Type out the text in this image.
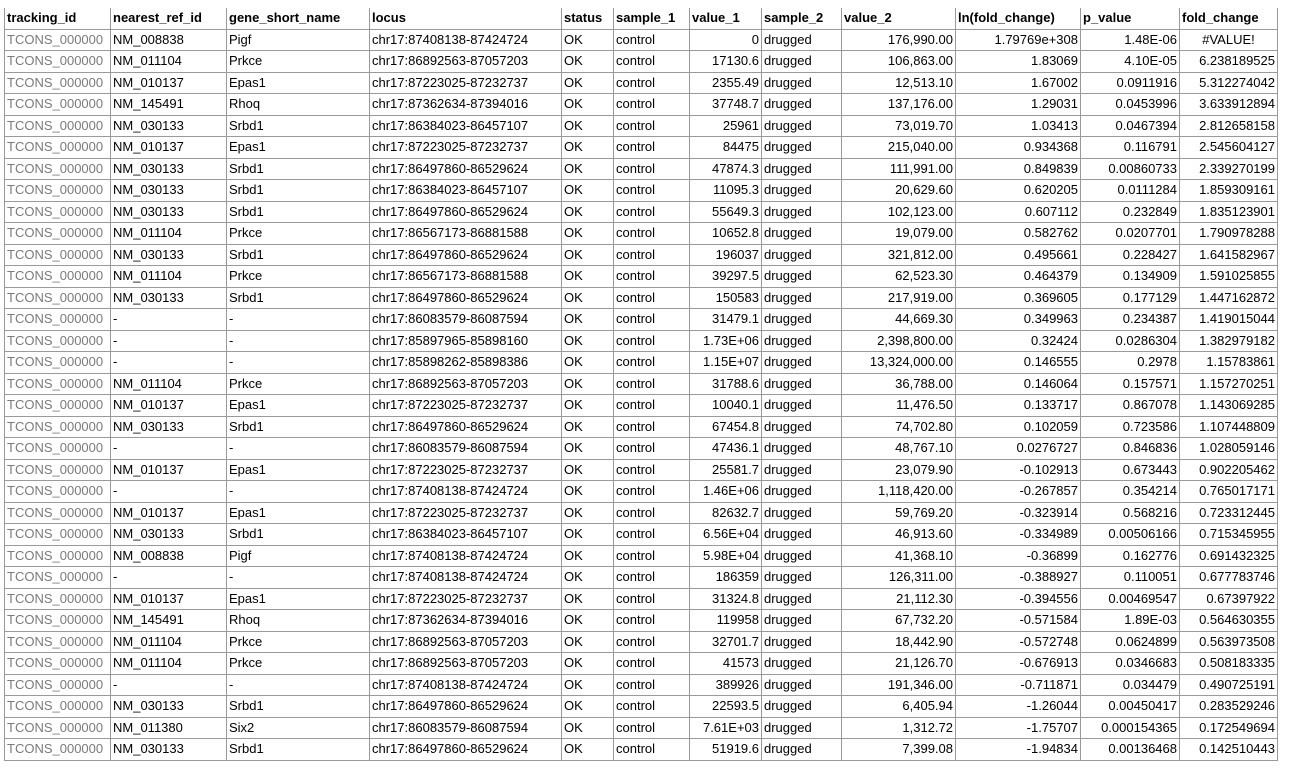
tracking_id	nearest_ref_id	gene_short_name	locus	status	sample_1	value_1	sample_2	value_2	ln(fold_change)	p_value	fold_change
TCONS_000000	NM_008838	Pigf	chr17:87408138-87424724	OK	control	0	drugged	176,990.00	1.79769e+308	1.48E-06	#VALUE!
TCONS_000000	NM_011104	Prkce	chr17:86892563-87057203	OK	control	17130.6	drugged	106,863.00	1.83069	4.10E-05	6.238189525
TCONS_000000	NM_010137	Epas1	chr17:87223025-87232737	OK	control	2355.49	drugged	12,513.10	1.67002	0.0911916	5.312274042
TCONS_000000	NM_145491	Rhoq	chr17:87362634-87394016	OK	control	37748.7	drugged	137,176.00	1.29031	0.0453996	3.633912894
TCONS_000000	NM_030133	Srbd1	chr17:86384023-86457107	OK	control	25961	drugged	73,019.70	1.03413	0.0467394	2.812658158
TCONS_000000	NM_010137	Epas1	chr17:87223025-87232737	OK	control	84475	drugged	215,040.00	0.934368	0.116791	2.545604127
TCONS_000000	NM_030133	Srbd1	chr17:86497860-86529624	OK	control	47874.3	drugged	111,991.00	0.849839	0.00860733	2.339270199
TCONS_000000	NM_030133	Srbd1	chr17:86384023-86457107	OK	control	11095.3	drugged	20,629.60	0.620205	0.0111284	1.859309161
TCONS_000000	NM_030133	Srbd1	chr17:86497860-86529624	OK	control	55649.3	drugged	102,123.00	0.607112	0.232849	1.835123901
TCONS_000000	NM_011104	Prkce	chr17:86567173-86881588	OK	control	10652.8	drugged	19,079.00	0.582762	0.0207701	1.790978288
TCONS_000000	NM_030133	Srbd1	chr17:86497860-86529624	OK	control	196037	drugged	321,812.00	0.495661	0.228427	1.641582967
TCONS_000000	NM_011104	Prkce	chr17:86567173-86881588	OK	control	39297.5	drugged	62,523.30	0.464379	0.134909	1.591025855
TCONS_000000	NM_030133	Srbd1	chr17:86497860-86529624	OK	control	150583	drugged	217,919.00	0.369605	0.177129	1.447162872
TCONS_000000	-	-	chr17:86083579-86087594	OK	control	31479.1	drugged	44,669.30	0.349963	0.234387	1.419015044
TCONS_000000	-	-	chr17:85897965-85898160	OK	control	1.73E+06	drugged	2,398,800.00	0.32424	0.0286304	1.382979182
TCONS_000000	-	-	chr17:85898262-85898386	OK	control	1.15E+07	drugged	13,324,000.00	0.146555	0.2978	1.15783861
TCONS_000000	NM_011104	Prkce	chr17:86892563-87057203	OK	control	31788.6	drugged	36,788.00	0.146064	0.157571	1.157270251
TCONS_000000	NM_010137	Epas1	chr17:87223025-87232737	OK	control	10040.1	drugged	11,476.50	0.133717	0.867078	1.143069285
TCONS_000000	NM_030133	Srbd1	chr17:86497860-86529624	OK	control	67454.8	drugged	74,702.80	0.102059	0.723586	1.107448809
TCONS_000000	-	-	chr17:86083579-86087594	OK	control	47436.1	drugged	48,767.10	0.0276727	0.846836	1.028059146
TCONS_000000	NM_010137	Epas1	chr17:87223025-87232737	OK	control	25581.7	drugged	23,079.90	-0.102913	0.673443	0.902205462
TCONS_000000	-	-	chr17:87408138-87424724	OK	control	1.46E+06	drugged	1,118,420.00	-0.267857	0.354214	0.765017171
TCONS_000000	NM_010137	Epas1	chr17:87223025-87232737	OK	control	82632.7	drugged	59,769.20	-0.323914	0.568216	0.723312445
TCONS_000000	NM_030133	Srbd1	chr17:86384023-86457107	OK	control	6.56E+04	drugged	46,913.60	-0.334989	0.00506166	0.715345955
TCONS_000000	NM_008838	Pigf	chr17:87408138-87424724	OK	control	5.98E+04	drugged	41,368.10	-0.36899	0.162776	0.691432325
TCONS_000000	-	-	chr17:87408138-87424724	OK	control	186359	drugged	126,311.00	-0.388927	0.110051	0.677783746
TCONS_000000	NM_010137	Epas1	chr17:87223025-87232737	OK	control	31324.8	drugged	21,112.30	-0.394556	0.00469547	0.67397922
TCONS_000000	NM_145491	Rhoq	chr17:87362634-87394016	OK	control	119958	drugged	67,732.20	-0.571584	1.89E-03	0.564630355
TCONS_000000	NM_011104	Prkce	chr17:86892563-87057203	OK	control	32701.7	drugged	18,442.90	-0.572748	0.0624899	0.563973508
TCONS_000000	NM_011104	Prkce	chr17:86892563-87057203	OK	control	41573	drugged	21,126.70	-0.676913	0.0346683	0.508183335
TCONS_000000	-	-	chr17:87408138-87424724	OK	control	389926	drugged	191,346.00	-0.711871	0.034479	0.490725191
TCONS_000000	NM_030133	Srbd1	chr17:86497860-86529624	OK	control	22593.5	drugged	6,405.94	-1.26044	0.00450417	0.283529246
TCONS_000000	NM_011380	Six2	chr17:86083579-86087594	OK	control	7.61E+03	drugged	1,312.72	-1.75707	0.000154365	0.172549694
TCONS_000000	NM_030133	Srbd1	chr17:86497860-86529624	OK	control	51919.6	drugged	7,399.08	-1.94834	0.00136468	0.142510443
